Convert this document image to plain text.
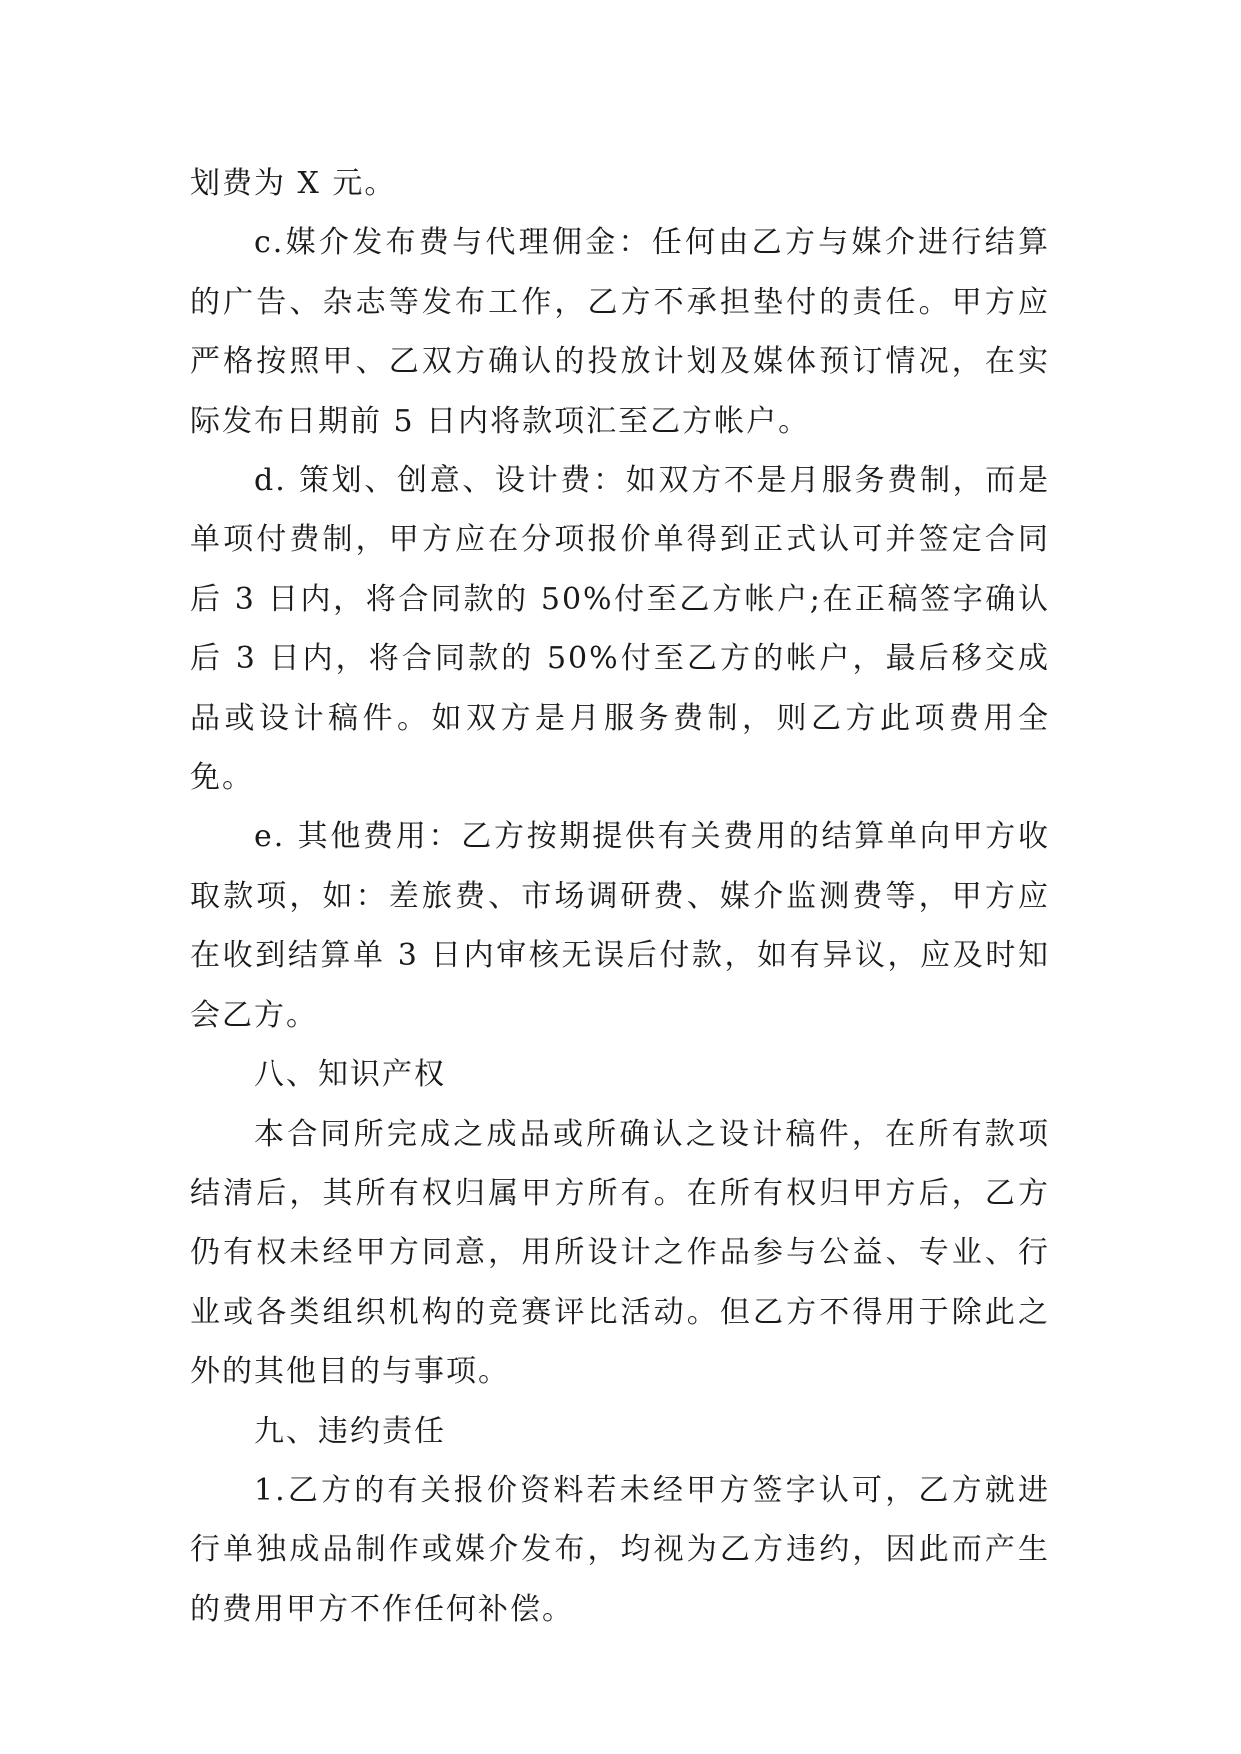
划费为 X 元。

c.媒介发布费与代理佣金：任何由乙方与媒介进行结算的广告、杂志等发布工作，乙方不承担垫付的责任。甲方应严格按照甲、乙双方确认的投放计划及媒体预订情况，在实际发布日期前 5 日内将款项汇至乙方帐户。

d. 策划、创意、设计费：如双方不是月服务费制，而是单项付费制，甲方应在分项报价单得到正式认可并签定合同后 3 日内，将合同款的 50%付至乙方帐户;在正稿签字确认后 3 日内，将合同款的 50%付至乙方的帐户，最后移交成品或设计稿件。如双方是月服务费制，则乙方此项费用全免。

e. 其他费用：乙方按期提供有关费用的结算单向甲方收取款项，如：差旅费、市场调研费、媒介监测费等，甲方应在收到结算单 3 日内审核无误后付款，如有异议，应及时知会乙方。

八、知识产权

本合同所完成之成品或所确认之设计稿件，在所有款项结清后，其所有权归属甲方所有。在所有权归甲方后，乙方仍有权未经甲方同意，用所设计之作品参与公益、专业、行业或各类组织机构的竞赛评比活动。但乙方不得用于除此之外的其他目的与事项。

九、违约责任

1.乙方的有关报价资料若未经甲方签字认可，乙方就进行单独成品制作或媒介发布，均视为乙方违约，因此而产生的费用甲方不作任何补偿。
